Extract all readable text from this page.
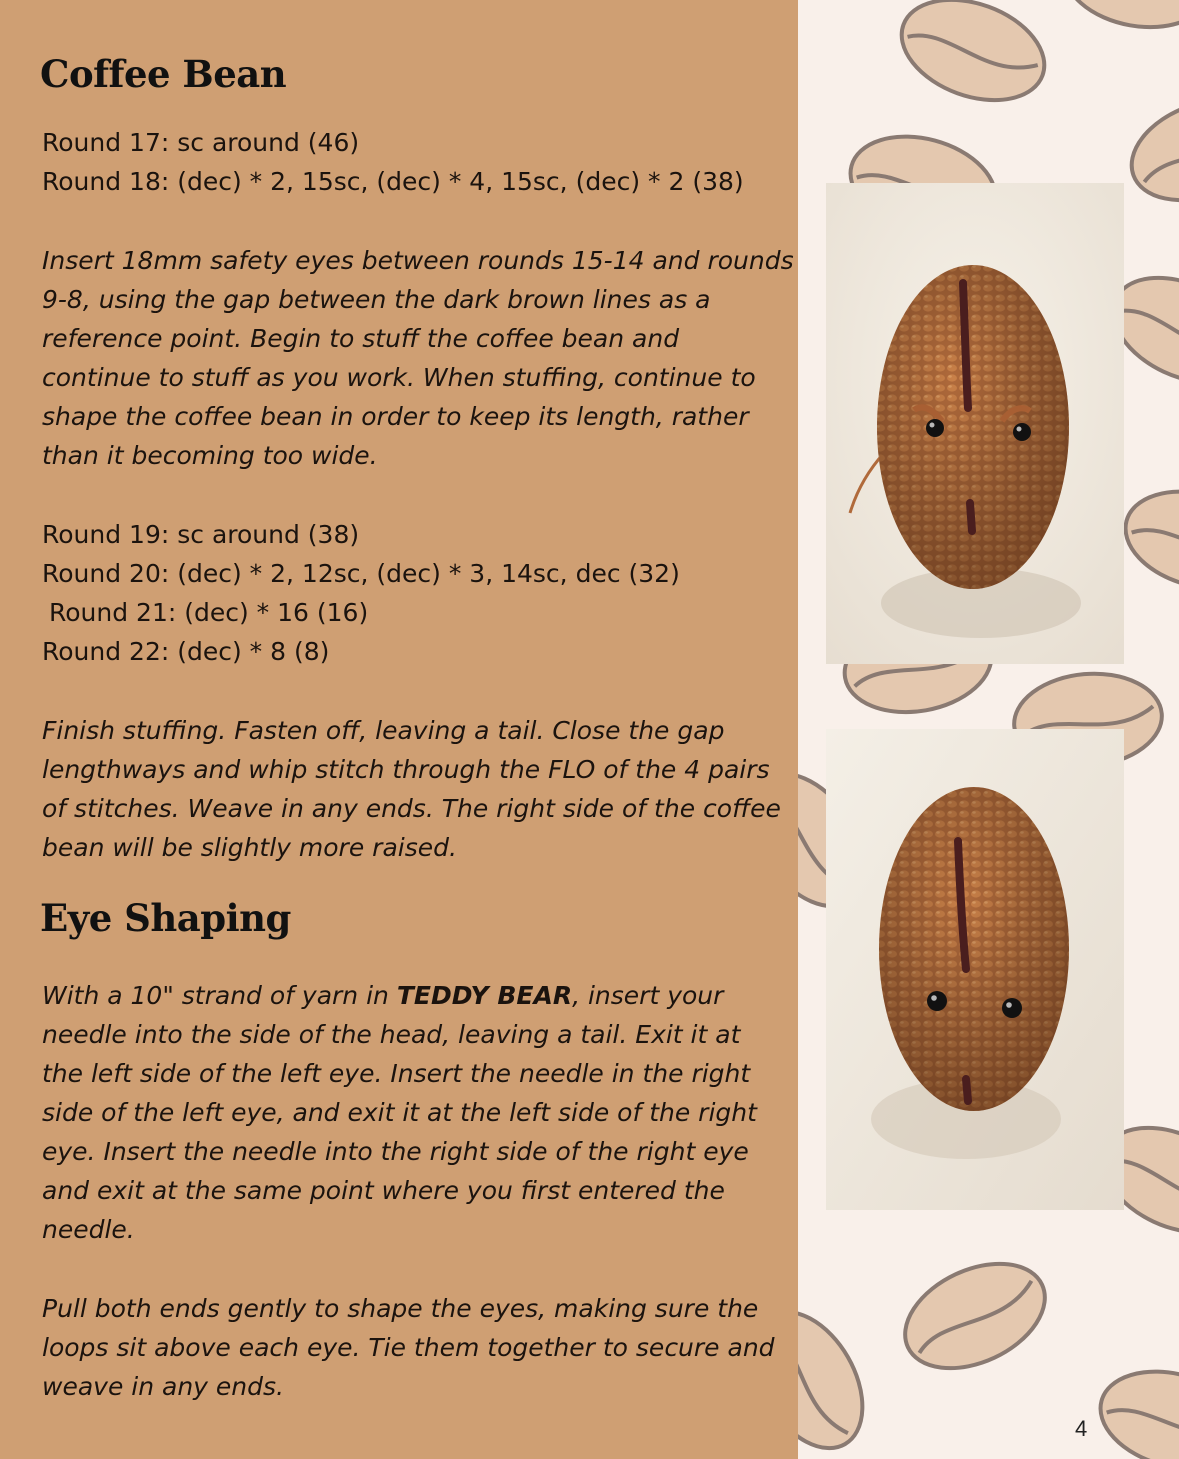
Coffee Bean
Round 17: sc around (46)
Round 18: (dec) * 2, 15sc, (dec) * 4, 15sc, (dec) * 2 (38)
Insert 18mm safety eyes between rounds 15-14 and rounds
9-8, using the gap between the dark brown lines as a
reference point. Begin to stuff the coffee bean and
continue to stuff as you work. When stuffing, continue to
shape the coffee bean in order to keep its length, rather
than it becoming too wide.
Round 19: sc around (38)
Round 20: (dec) * 2, 12sc, (dec) * 3, 14sc, dec (32)
Round 21: (dec) * 16 (16)
Round 22: (dec) * 8 (8)
Finish stuffing. Fasten off, leaving a tail. Close the gap
lengthways and whip stitch through the FLO of the 4 pairs
of stitches. Weave in any ends. The right side of the coffee
bean will be slightly more raised.
Eye Shaping
With a 10" strand of yarn in TEDDY BEAR, insert your
needle into the side of the head, leaving a tail. Exit it at
the left side of the left eye. Insert the needle in the right
side of the left eye, and exit it at the left side of the right
eye. Insert the needle into the right side of the right eye
and exit at the same point where you first entered the
needle.
Pull both ends gently to shape the eyes, making sure the
loops sit above each eye. Tie them together to secure and
weave in any ends.
4
